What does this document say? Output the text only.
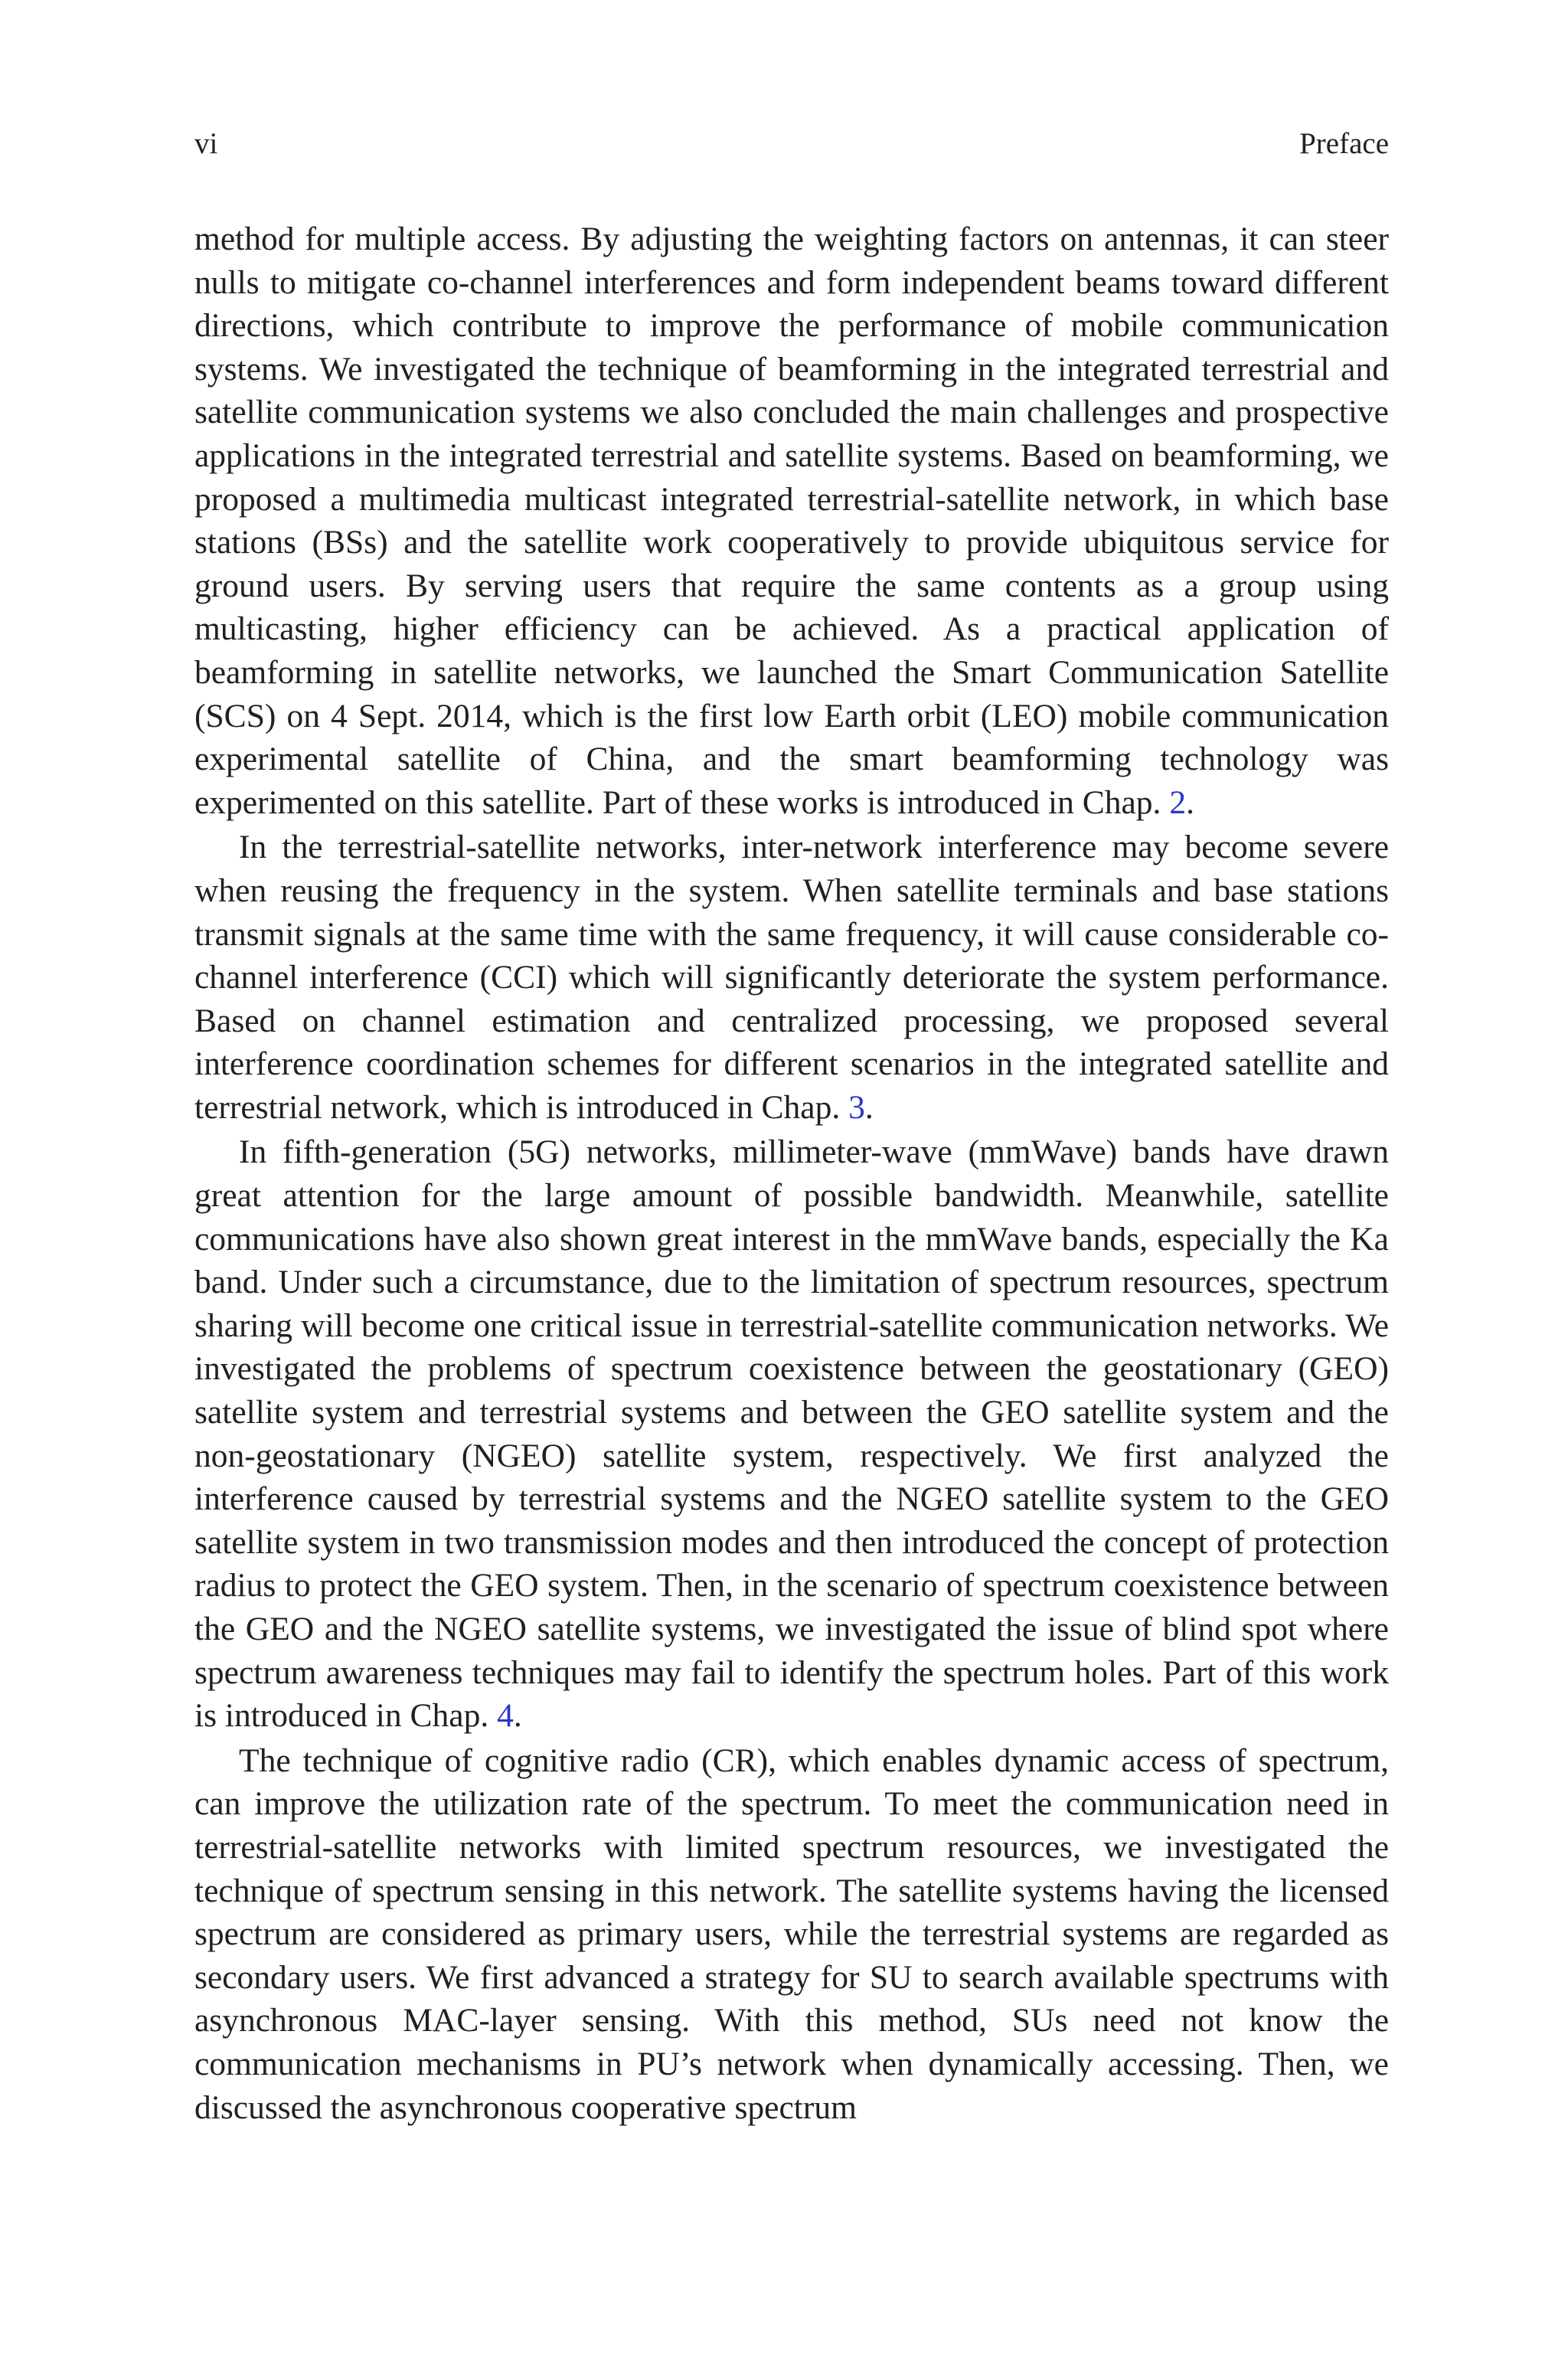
vi	Preface

method for multiple access. By adjusting the weighting factors on antennas, it can steer nulls to mitigate co-channel interferences and form independent beams toward different directions, which contribute to improve the performance of mobile communication systems. We investigated the technique of beamforming in the integrated terrestrial and satellite communication systems we also concluded the main challenges and prospective applications in the integrated terrestrial and satellite systems. Based on beamforming, we proposed a multimedia multicast integrated terrestrial-satellite network, in which base stations (BSs) and the satellite work cooperatively to provide ubiquitous service for ground users. By serving users that require the same contents as a group using multicasting, higher efficiency can be achieved. As a practical application of beamforming in satellite networks, we launched the Smart Communication Satellite (SCS) on 4 Sept. 2014, which is the first low Earth orbit (LEO) mobile communication experimental satellite of China, and the smart beamforming technology was experimented on this satellite. Part of these works is introduced in Chap. 2.

In the terrestrial-satellite networks, inter-network interference may become severe when reusing the frequency in the system. When satellite terminals and base stations transmit signals at the same time with the same frequency, it will cause considerable co-channel interference (CCI) which will significantly deteriorate the system performance. Based on channel estimation and centralized processing, we proposed several interference coordination schemes for different scenarios in the integrated satellite and terrestrial network, which is introduced in Chap. 3.

In fifth-generation (5G) networks, millimeter-wave (mmWave) bands have drawn great attention for the large amount of possible bandwidth. Meanwhile, satellite communications have also shown great interest in the mmWave bands, especially the Ka band. Under such a circumstance, due to the limitation of spectrum resources, spectrum sharing will become one critical issue in terrestrial-satellite communication networks. We investigated the problems of spectrum coexistence between the geostationary (GEO) satellite system and terrestrial systems and between the GEO satellite system and the non-geostationary (NGEO) satellite system, respectively. We first analyzed the interference caused by terrestrial systems and the NGEO satellite system to the GEO satellite system in two transmission modes and then introduced the concept of protection radius to protect the GEO system. Then, in the scenario of spectrum coexistence between the GEO and the NGEO satellite systems, we investigated the issue of blind spot where spectrum awareness techniques may fail to identify the spectrum holes. Part of this work is introduced in Chap. 4.

The technique of cognitive radio (CR), which enables dynamic access of spectrum, can improve the utilization rate of the spectrum. To meet the communication need in terrestrial-satellite networks with limited spectrum resources, we investigated the technique of spectrum sensing in this network. The satellite systems having the licensed spectrum are considered as primary users, while the terrestrial systems are regarded as secondary users. We first advanced a strategy for SU to search available spectrums with asynchronous MAC-layer sensing. With this method, SUs need not know the communication mechanisms in PU’s network when dynamically accessing. Then, we discussed the asynchronous cooperative spectrum
